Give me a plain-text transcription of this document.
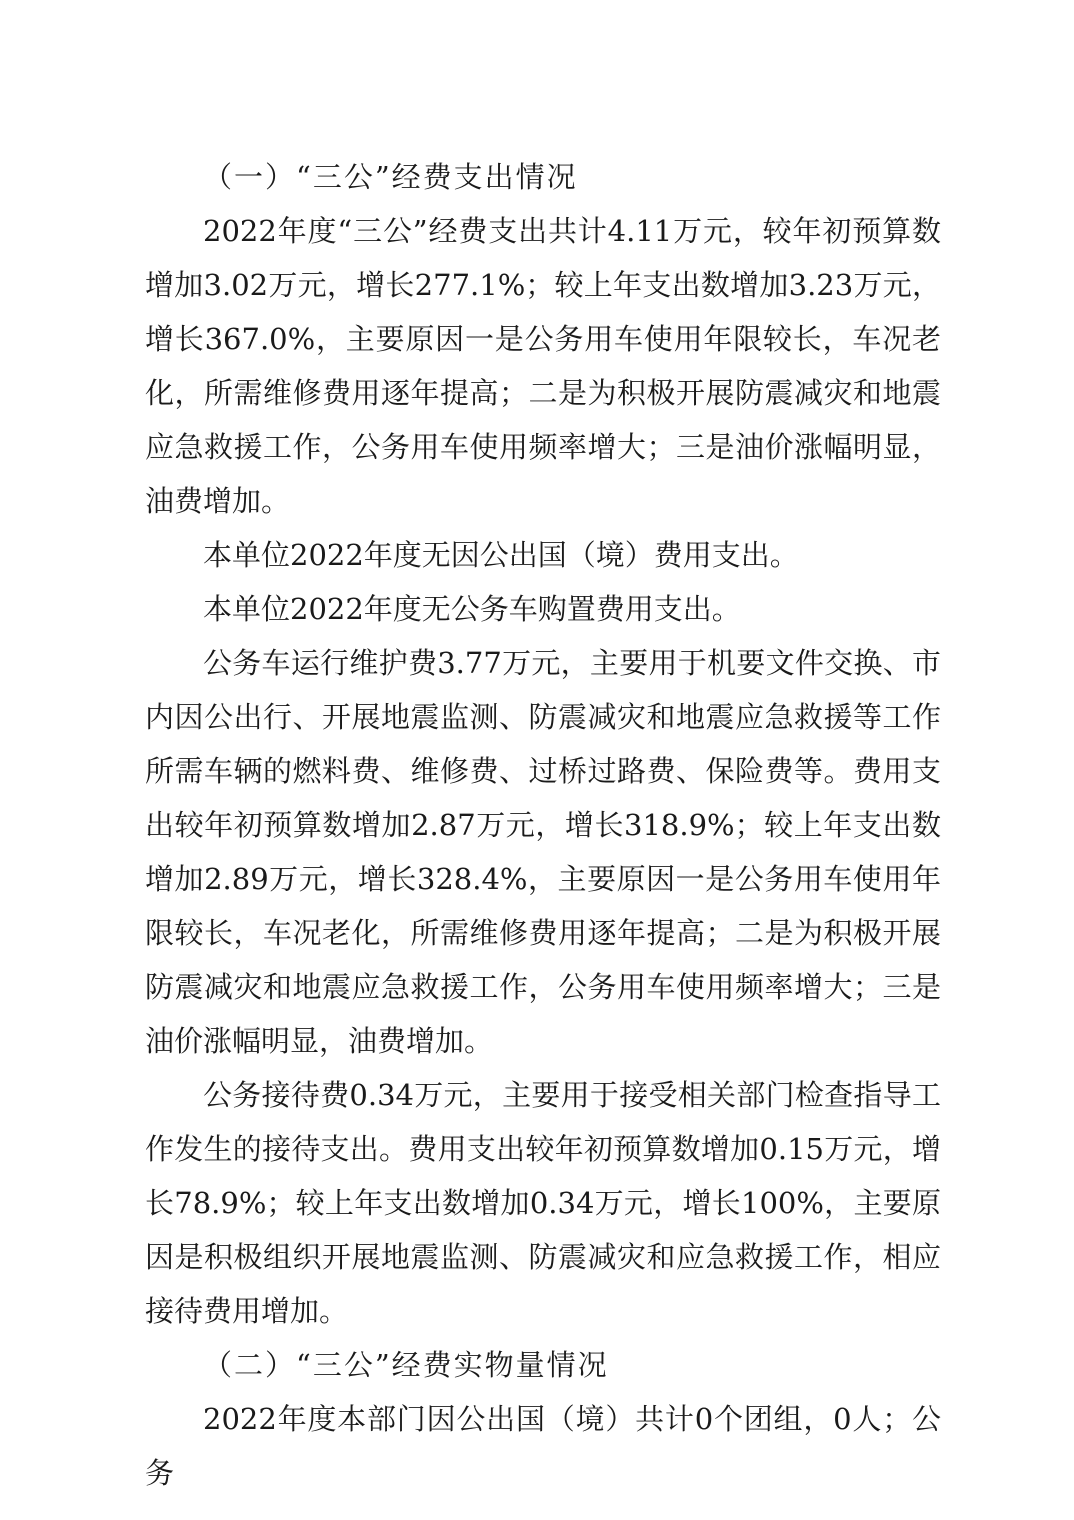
（一）“三公”经费支出情况

2022年度“三公”经费支出共计4.11万元，较年初预算数增加3.02万元，增长277.1%；较上年支出数增加3.23万元，增长367.0%，主要原因一是公务用车使用年限较长，车况老化，所需维修费用逐年提高；二是为积极开展防震减灾和地震应急救援工作，公务用车使用频率增大；三是油价涨幅明显，油费增加。

本单位2022年度无因公出国（境）费用支出。

本单位2022年度无公务车购置费用支出。

公务车运行维护费3.77万元，主要用于机要文件交换、市内因公出行、开展地震监测、防震减灾和地震应急救援等工作所需车辆的燃料费、维修费、过桥过路费、保险费等。费用支出较年初预算数增加2.87万元，增长318.9%；较上年支出数增加2.89万元，增长328.4%，主要原因一是公务用车使用年限较长，车况老化，所需维修费用逐年提高；二是为积极开展防震减灾和地震应急救援工作，公务用车使用频率增大；三是油价涨幅明显，油费增加。

公务接待费0.34万元，主要用于接受相关部门检查指导工作发生的接待支出。费用支出较年初预算数增加0.15万元，增长78.9%；较上年支出数增加0.34万元，增长100%，主要原因是积极组织开展地震监测、防震减灾和应急救援工作，相应接待费用增加。

（二）“三公”经费实物量情况

2022年度本部门因公出国（境）共计0个团组，0人；公务
